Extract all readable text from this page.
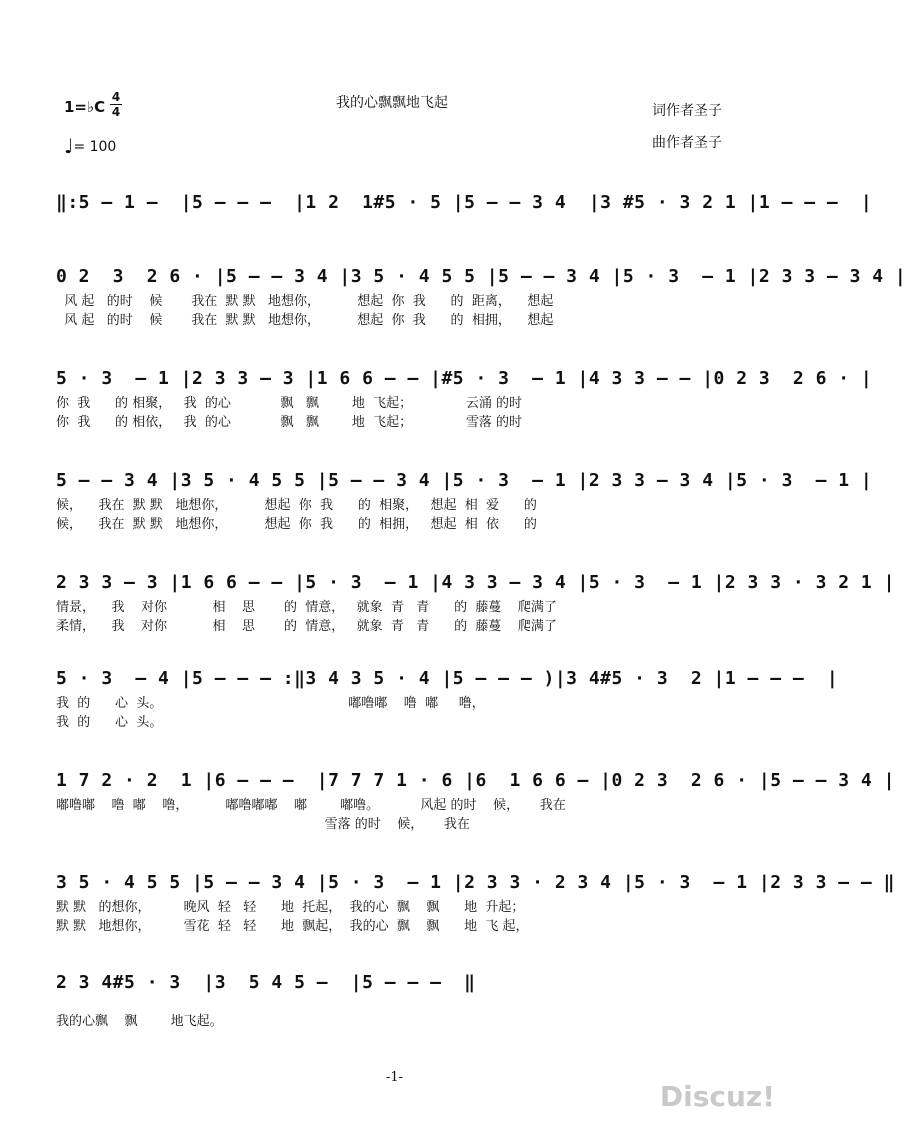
1=♭C
4
4
我的心飘飘地飞起	词作者圣子
曲作者圣子
♩= 100
‖:5 — 1 —  |5 — — —  |1 2  1#5 · 5 |5 — — 3 4  |3 #5 · 3 2 1 |1 — — —  |
0 2  3  2 6 · |5 — — 3 4 |3 5 · 4 5 5 |5 — — 3 4 |5 · 3  — 1 |2 3 3 — 3 4 |
风 起   的时    候       我在  默 默   地想你，         想起  你  我      的  距离，    想起
风 起   的时    候       我在  默 默   地想你，         想起  你  我      的  相拥，    想起
5 · 3  — 1 |2 3 3 — 3 |1 6 6 — — |#5 · 3  — 1 |4 3 3 — — |0 2 3  2 6 · |
你  我      的 相聚，   我  的心            飘   飘        地  飞起；             云涌 的时
你  我      的 相依，   我  的心            飘   飘        地  飞起；             雪落 的时
5 — — 3 4 |3 5 · 4 5 5 |5 — — 3 4 |5 · 3  — 1 |2 3 3 — 3 4 |5 · 3  — 1 |
候，    我在  默 默   地想你，         想起  你  我      的  相聚，   想起  相  爱      的
候，    我在  默 默   地想你，         想起  你  我      的  相拥，   想起  相  依      的
2 3 3 — 3 |1 6 6 — — |5 · 3  — 1 |4 3 3 — 3 4 |5 · 3  — 1 |2 3 3 · 3 2 1 |
情景，    我    对你           相    思       的  情意，   就象  青   青      的  藤蔓    爬满了
柔情，    我    对你           相    思       的  情意，   就象  青   青      的  藤蔓    爬满了
5 · 3  — 4 |5 — — — :‖3 4 3 5 · 4 |5 — — — )|3 4#5 · 3  2 |1 — — —  |
我  的      心  头。                                             嘟噜嘟    噜  嘟     噜，
我  的      心  头。
1 7 2 · 2  1 |6 — — —  |7 7 7 1 · 6 |6  1 6 6 — |0 2 3  2 6 · |5 — — 3 4 |
嘟噜嘟    噜  嘟    噜，         嘟噜嘟嘟    嘟        嘟噜。          风起 的时    候，     我在
雪落 的时    候，     我在
3 5 · 4 5 5 |5 — — 3 4 |5 · 3  — 1 |2 3 3 · 2 3 4 |5 · 3  — 1 |2 3 3 — — ‖
默 默   的想你，        晚风  轻   轻      地  托起，  我的心  飘    飘      地  升起；
默 默   地想你，        雪花  轻   轻      地  飘起，  我的心  飘    飘      地  飞 起，
2 3 4#5 · 3  |3  5 4 5 —  |5 — — —  ‖
我的心飘    飘        地飞起。
-1-
Discuz!
